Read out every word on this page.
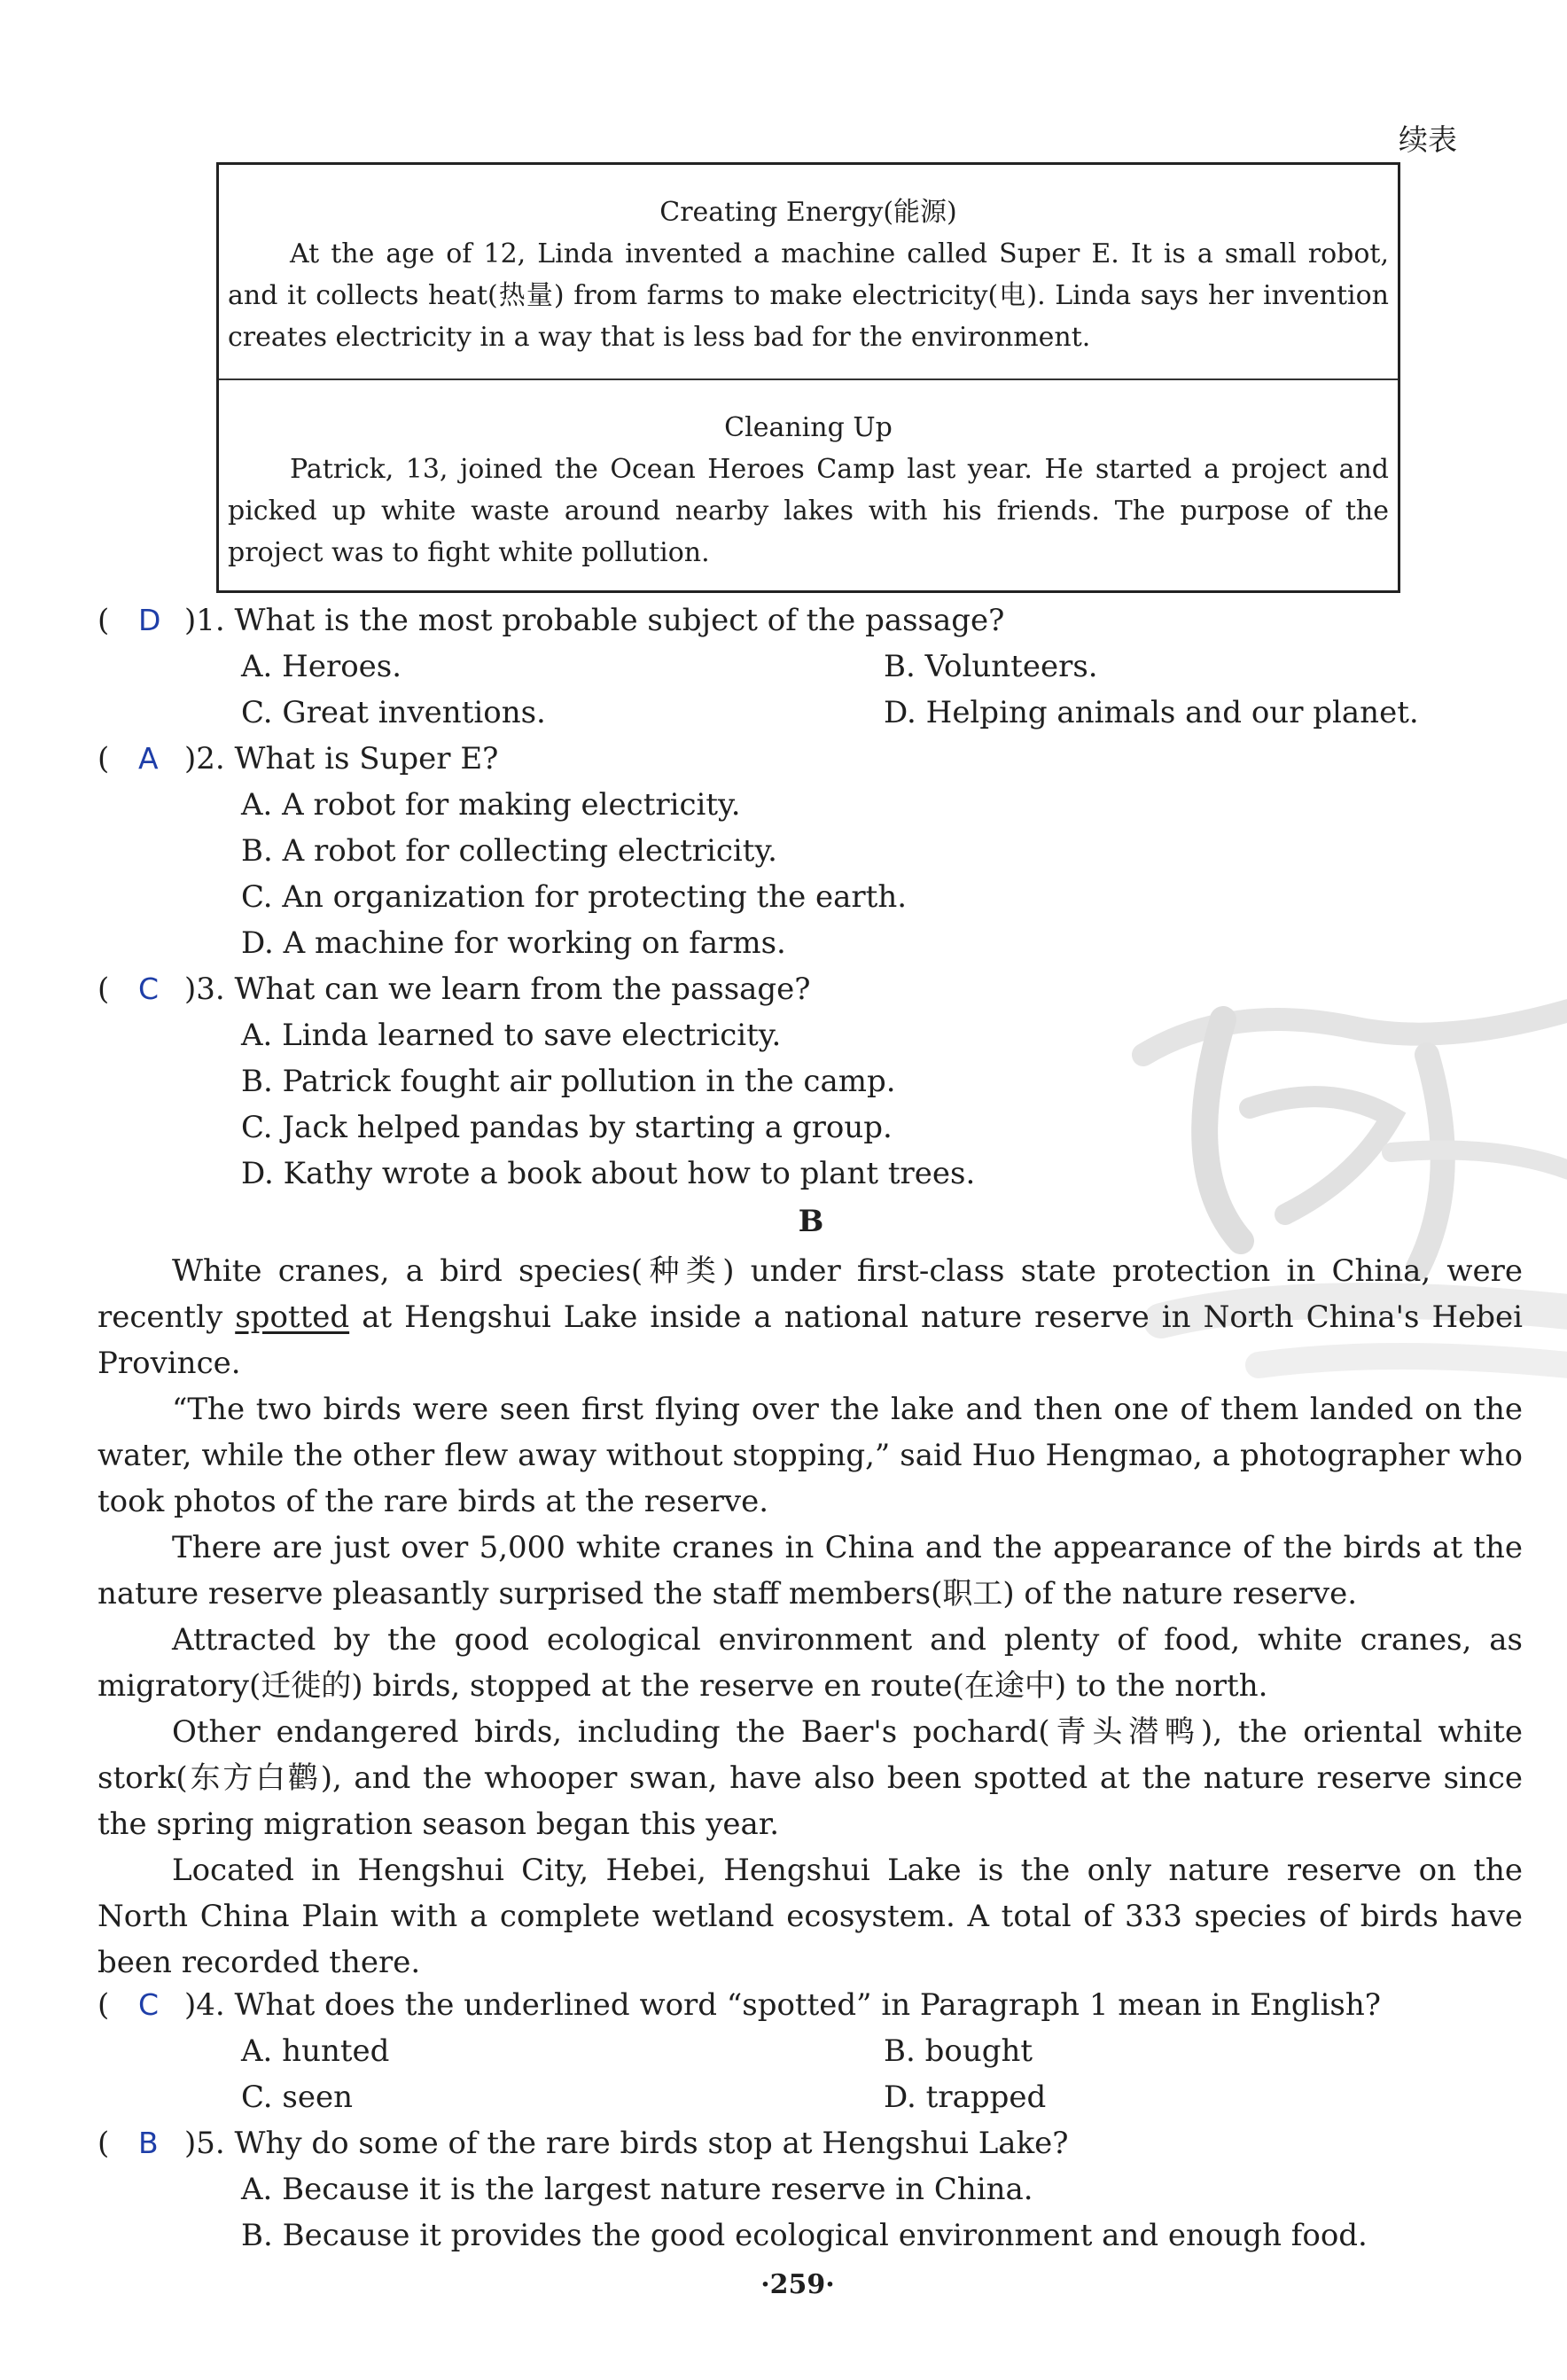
续表
Creating Energy(能源)
At the age of 12, Linda invented a machine called Super E. It is a small robot, and it collects heat(热量) from farms to make electricity(电). Linda says her invention creates electricity in a way that is less bad for the environment.
Cleaning Up
Patrick, 13, joined the Ocean Heroes Camp last year. He started a project and picked up white waste around nearby lakes with his friends. The purpose of the project was to fight white pollution.
( D )1. What is the most probable subject of the passage?
A. Heroes.	B. Volunteers.
C. Great inventions.	D. Helping animals and our planet.
( A )2. What is Super E?
A. A robot for making electricity.
B. A robot for collecting electricity.
C. An organization for protecting the earth.
D. A machine for working on farms.
( C )3. What can we learn from the passage?
A. Linda learned to save electricity.
B. Patrick fought air pollution in the camp.
C. Jack helped pandas by starting a group.
D. Kathy wrote a book about how to plant trees.
B
White cranes, a bird species(种类) under first-class state protection in China, were recently spotted at Hengshui Lake inside a national nature reserve in North China's Hebei Province.
“The two birds were seen first flying over the lake and then one of them landed on the water, while the other flew away without stopping,” said Huo Hengmao, a photographer who took photos of the rare birds at the reserve.
There are just over 5,000 white cranes in China and the appearance of the birds at the nature reserve pleasantly surprised the staff members(职工) of the nature reserve.
Attracted by the good ecological environment and plenty of food, white cranes, as migratory(迁徙的) birds, stopped at the reserve en route(在途中) to the north.
Other endangered birds, including the Baer's pochard(青头潜鸭), the oriental white stork(东方白鹳), and the whooper swan, have also been spotted at the nature reserve since the spring migration season began this year.
Located in Hengshui City, Hebei, Hengshui Lake is the only nature reserve on the North China Plain with a complete wetland ecosystem. A total of 333 species of birds have been recorded there.
( C )4. What does the underlined word “spotted” in Paragraph 1 mean in English?
A. hunted	B. bought
C. seen	D. trapped
( B )5. Why do some of the rare birds stop at Hengshui Lake?
A. Because it is the largest nature reserve in China.
B. Because it provides the good ecological environment and enough food.
·259·
